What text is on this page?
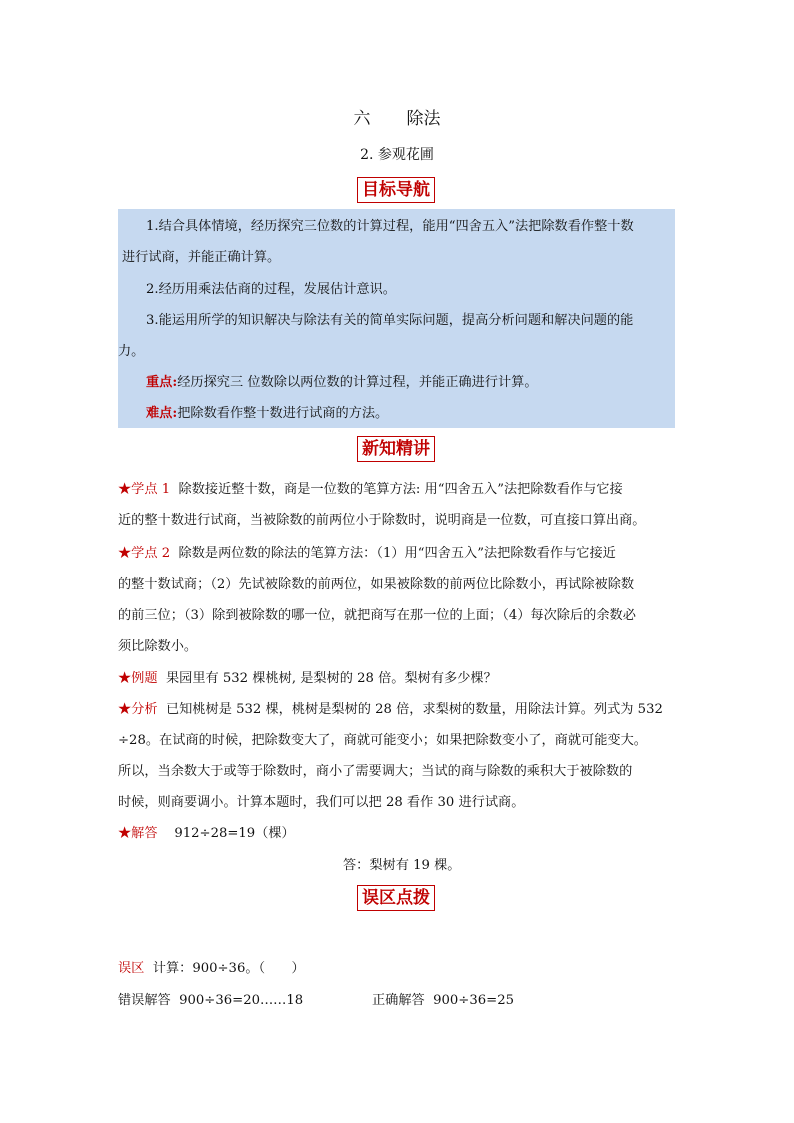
六 除法
2. 参观花圃
目标导航

1.结合具体情境，经历探究三位数的计算过程，能用“四舍五入”法把除数看作整十数

进行试商，并能正确计算。

2.经历用乘法估商的过程，发展估计意识。

3.能运用所学的知识解决与除法有关的简单实际问题，提高分析问题和解决问题的能

力。

重点:经历探究三 位数除以两位数的计算过程，并能正确进行计算。

难点:把除数看作整十数进行试商的方法。

新知精讲
★学点 1 除数接近整十数，商是一位数的笔算方法: 用“四舍五入”法把除数看作与它接
近的整十数进行试商，当被除数的前两位小于除数时，说明商是一位数，可直接口算出商。
★学点 2 除数是两位数的除法的笔算方法：（1）用“四舍五入”法把除数看作与它接近
的整十数试商；（2）先试被除数的前两位，如果被除数的前两位比除数小，再试除被除数
的前三位；（3）除到被除数的哪一位，就把商写在那一位的上面；（4）每次除后的余数必
须比除数小。
★例题 果园里有 532 棵桃树, 是梨树的 28 倍。梨树有多少棵？
★分析 已知桃树是 532 棵，桃树是梨树的 28 倍，求梨树的数量，用除法计算。列式为 532
÷28。在试商的时候，把除数变大了，商就可能变小；如果把除数变小了，商就可能变大。
所以，当余数大于或等于除数时，商小了需要调大；当试的商与除数的乘积大于被除数的
时候，则商要调小。计算本题时，我们可以把 28 看作 30 进行试商。
★解答 912÷28=19（棵）
答：梨树有 19 棵。
误区点拨
误区 计算：900÷36。（　　）
错误解答 900÷36=20……18	正确解答 900÷36=25
